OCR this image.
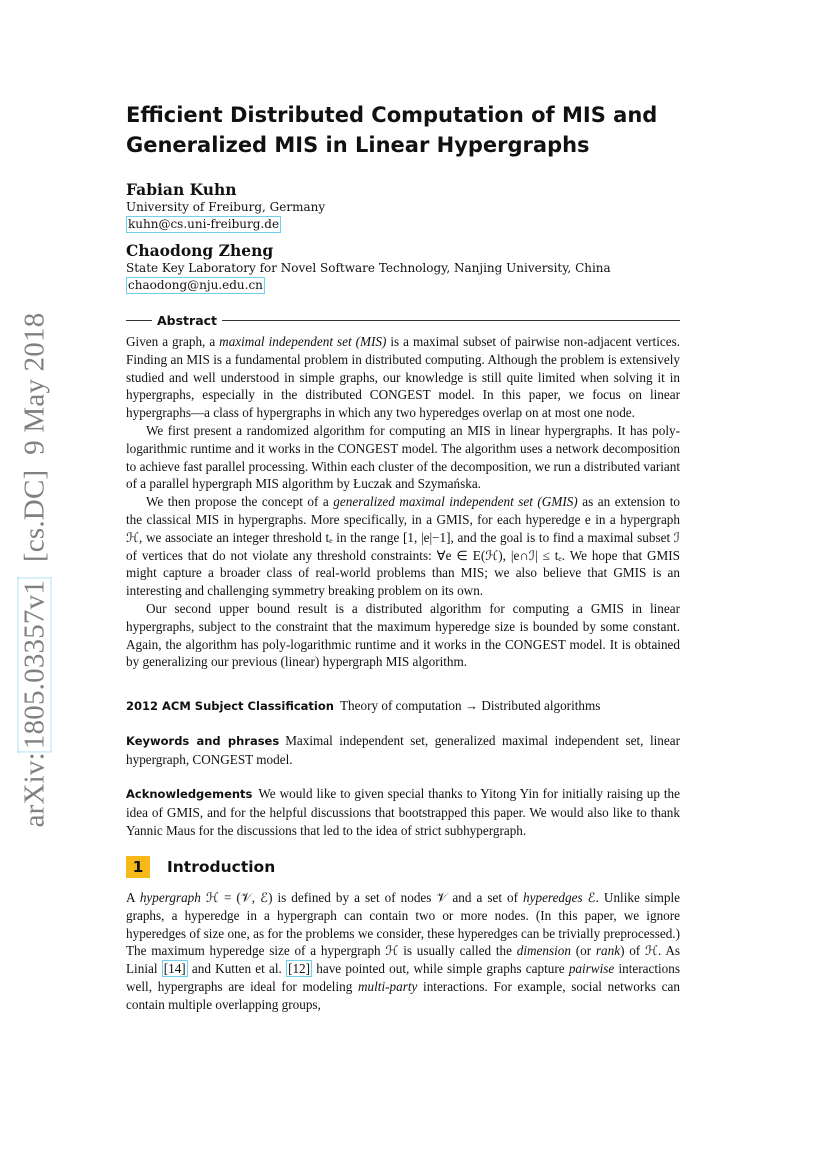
arXiv:1805.03357v1  [cs.DC]  9 May 2018
Efficient Distributed Computation of MIS and
Generalized MIS in Linear Hypergraphs

Fabian Kuhn

University of Freiburg, Germany

kuhn@cs.uni-freiburg.de

Chaodong Zheng

State Key Laboratory for Novel Software Technology, Nanjing University, China

chaodong@nju.edu.cn
Abstract

Given a graph, a maximal independent set (MIS) is a maximal subset of pairwise non-adjacent vertices. Finding an MIS is a fundamental problem in distributed computing. Although the problem is extensively studied and well understood in simple graphs, our knowledge is still quite limited when solving it in hypergraphs, especially in the distributed CONGEST model. In this paper, we focus on linear hypergraphs—a class of hypergraphs in which any two hyperedges overlap on at most one node.

We first present a randomized algorithm for computing an MIS in linear hypergraphs. It has poly-logarithmic runtime and it works in the CONGEST model. The algorithm uses a network decomposition to achieve fast parallel processing. Within each cluster of the decomposition, we run a distributed variant of a parallel hypergraph MIS algorithm by Łuczak and Szymańska.

We then propose the concept of a generalized maximal independent set (GMIS) as an extension to the classical MIS in hypergraphs. More specifically, in a GMIS, for each hyperedge e in a hypergraph ℋ, we associate an integer threshold tₑ in the range [1, |e|−1], and the goal is to find a maximal subset ℐ of vertices that do not violate any threshold constraints: ∀e ∈ E(ℋ), |e∩ℐ| ≤ tₑ. We hope that GMIS might capture a broader class of real-world problems than MIS; we also believe that GMIS is an interesting and challenging symmetry breaking problem on its own.

Our second upper bound result is a distributed algorithm for computing a GMIS in linear hypergraphs, subject to the constraint that the maximum hyperedge size is bounded by some constant. Again, the algorithm has poly-logarithmic runtime and it works in the CONGEST model. It is obtained by generalizing our previous (linear) hypergraph MIS algorithm.

2012 ACM Subject Classification Theory of computation → Distributed algorithms

Keywords and phrases Maximal independent set, generalized maximal independent set, linear hypergraph, CONGEST model.

Acknowledgements We would like to given special thanks to Yitong Yin for initially raising up the idea of GMIS, and for the helpful discussions that bootstrapped this paper. We would also like to thank Yannic Maus for the discussions that led to the idea of strict subhypergraph.

1	Introduction

A hypergraph ℋ = (𝒱, ℰ) is defined by a set of nodes 𝒱 and a set of hyperedges ℰ. Unlike simple graphs, a hyperedge in a hypergraph can contain two or more nodes. (In this paper, we ignore hyperedges of size one, as for the problems we consider, these hyperedges can be trivially preprocessed.) The maximum hyperedge size of a hypergraph ℋ is usually called the dimension (or rank) of ℋ. As Linial [14] and Kutten et al. [12] have pointed out, while simple graphs capture pairwise interactions well, hypergraphs are ideal for modeling multi-party interactions. For example, social networks can contain multiple overlapping groups,
